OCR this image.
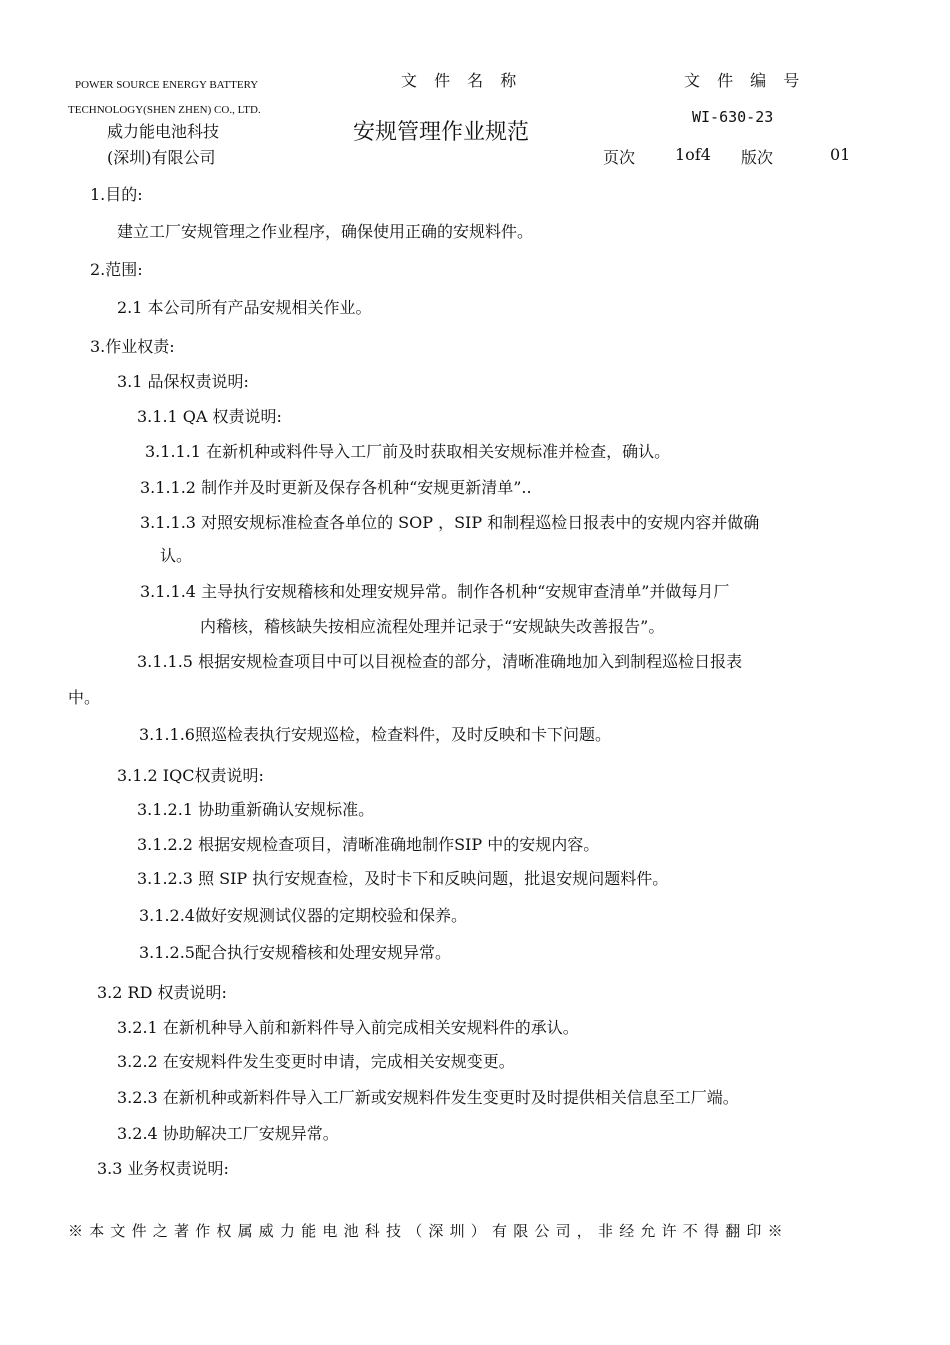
POWER SOURCE ENERGY BATTERY
TECHNOLOGY(SHEN ZHEN) CO., LTD.
威力能电池科技
(深圳)有限公司
文 件 名 称
安规管理作业规范
文 件 编 号
WI-630-23
页次 1of4 版次	01
1.目的:
建立工厂安规管理之作业程序，确保使用正确的安规料件。
2.范围:
2.1 本公司所有产品安规相关作业。
3.作业权责:
3.1 品保权责说明:
3.1.1 QA 权责说明:
3.1.1.1 在新机种或料件导入工厂前及时获取相关安规标准并检查，确认。
3.1.1.2 制作并及时更新及保存各机种“安规更新清单”..
3.1.1.3 对照安规标准检查各单位的 SOP ，SIP 和制程巡检日报表中的安规内容并做确
认。
3.1.1.4 主导执行安规稽核和处理安规异常。制作各机种“安规审查清单”并做每月厂
内稽核，稽核缺失按相应流程处理并记录于“安规缺失改善报告”。
3.1.1.5 根据安规检查项目中可以目视检查的部分，清晰准确地加入到制程巡检日报表
中。
3.1.1.6照巡检表执行安规巡检，检查料件，及时反映和卡下问题。
3.1.2 IQC权责说明:
3.1.2.1 协助重新确认安规标准。
3.1.2.2 根据安规检查项目，清晰准确地制作SIP 中的安规内容。
3.1.2.3 照 SIP 执行安规查检，及时卡下和反映问题，批退安规问题料件。
3.1.2.4做好安规测试仪器的定期校验和保养。
3.1.2.5配合执行安规稽核和处理安规异常。
3.2 RD 权责说明:
3.2.1 在新机种导入前和新料件导入前完成相关安规料件的承认。
3.2.2 在安规料件发生变更时申请，完成相关安规变更。
3.2.3 在新机种或新料件导入工厂新或安规料件发生变更时及时提供相关信息至工厂端。
3.2.4 协助解决工厂安规异常。
3.3 业务权责说明:
※本文件之著作权属威力能电池科技（深圳）有限公司，非经允许不得翻印※
